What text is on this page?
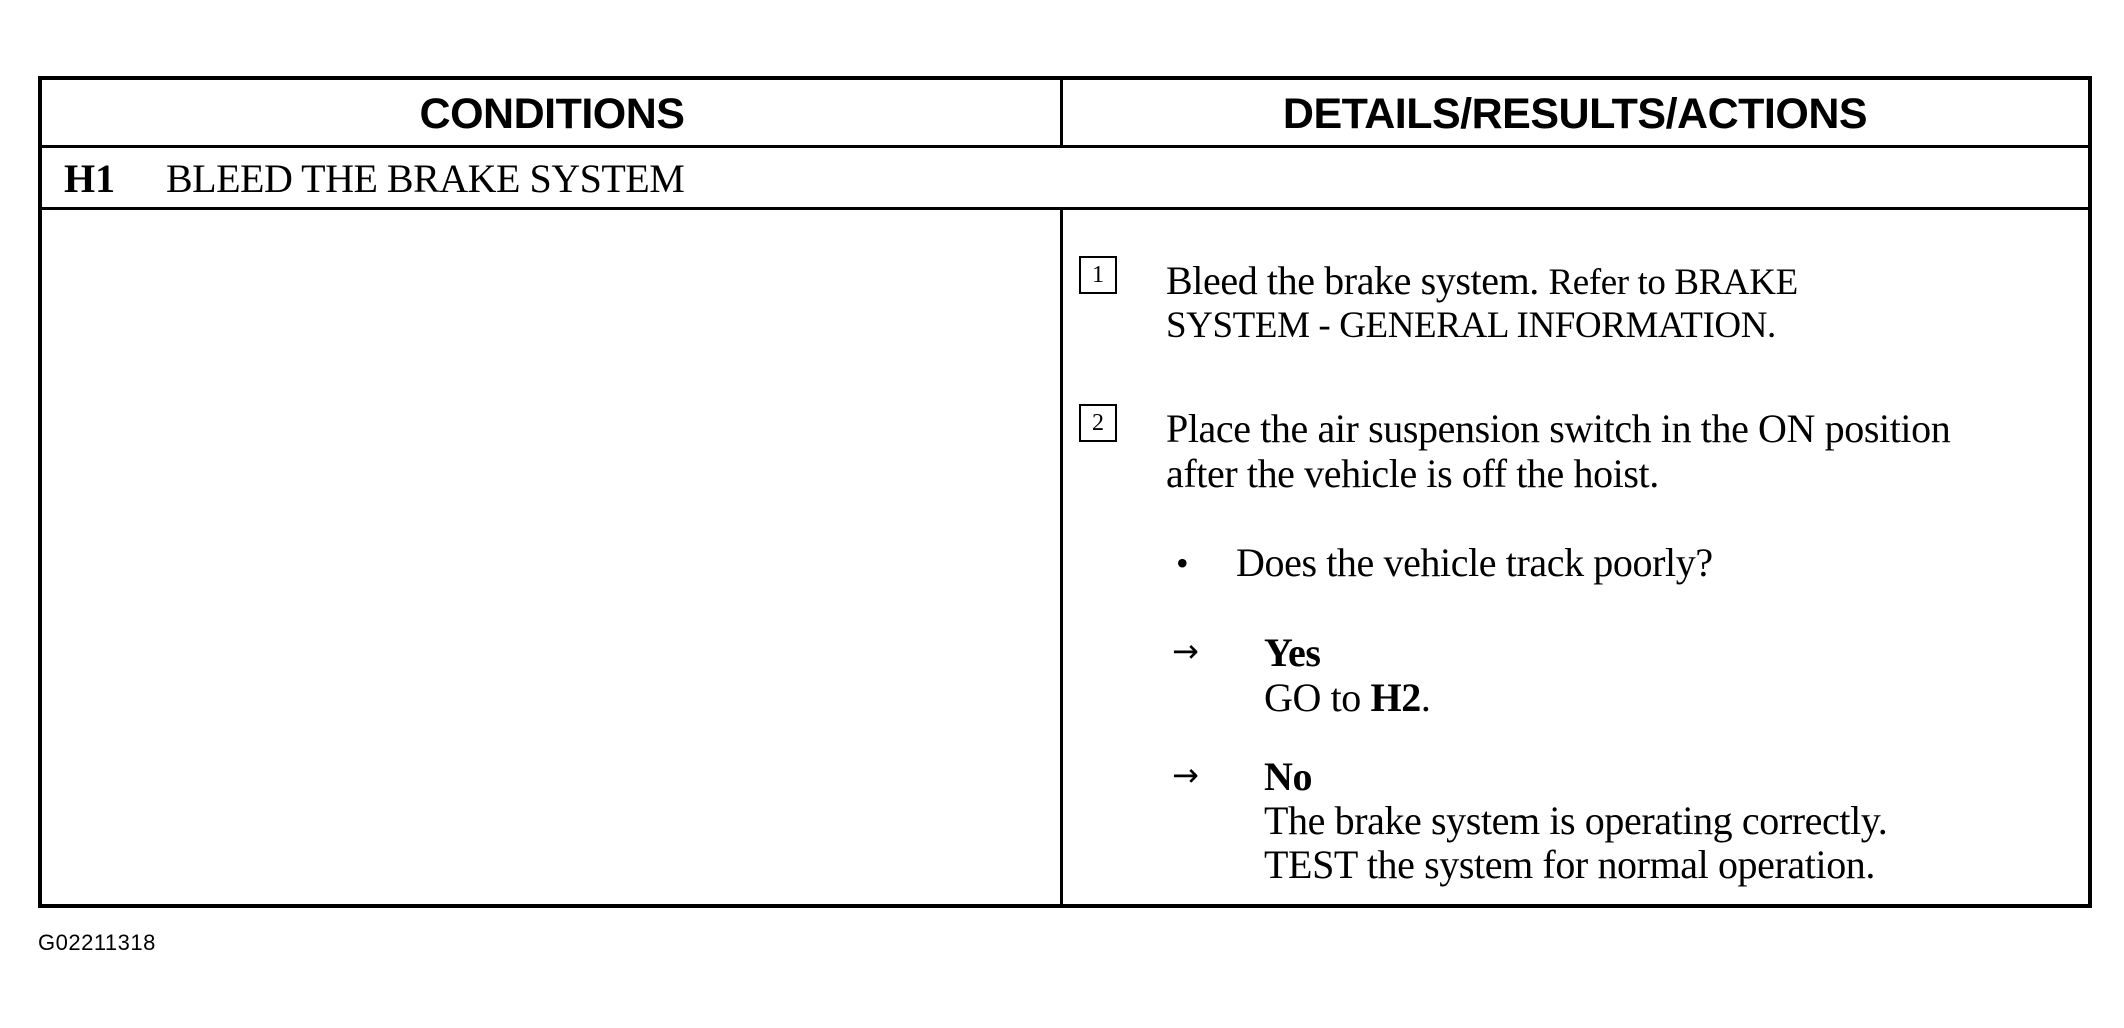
CONDITIONS	DETAILS/RESULTS/ACTIONS
H1 BLEED THE BRAKE SYSTEM
1	Bleed the brake system. Refer to BRAKE
SYSTEM - GENERAL INFORMATION.
2	Place the air suspension switch in the ON position
after the vehicle is off the hoist.
• Does the vehicle track poorly?
→ Yes
GO to H2.
→ No
The brake system is operating correctly.
TEST the system for normal operation.
G02211318
